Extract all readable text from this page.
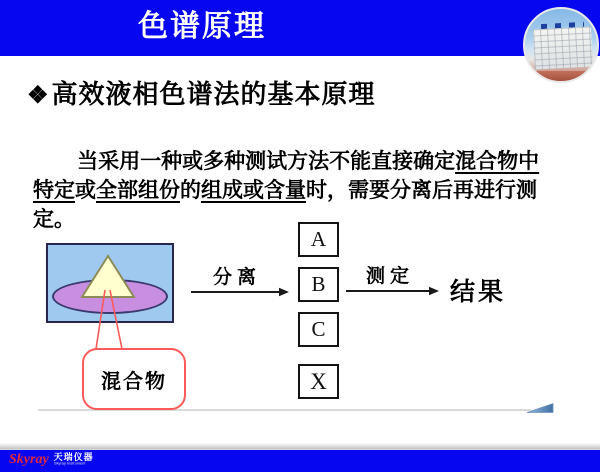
色谱原理
❖高效液相色谱法的基本原理

当采用一种或多种测试方法不能直接确定混合物中
特定或全部组份的组成或含量时，需要分离后再进行测
定。

混合物
分离	测定
A
B
C
X
结果
Skyray 天瑞仪器
Skyray Instrument
